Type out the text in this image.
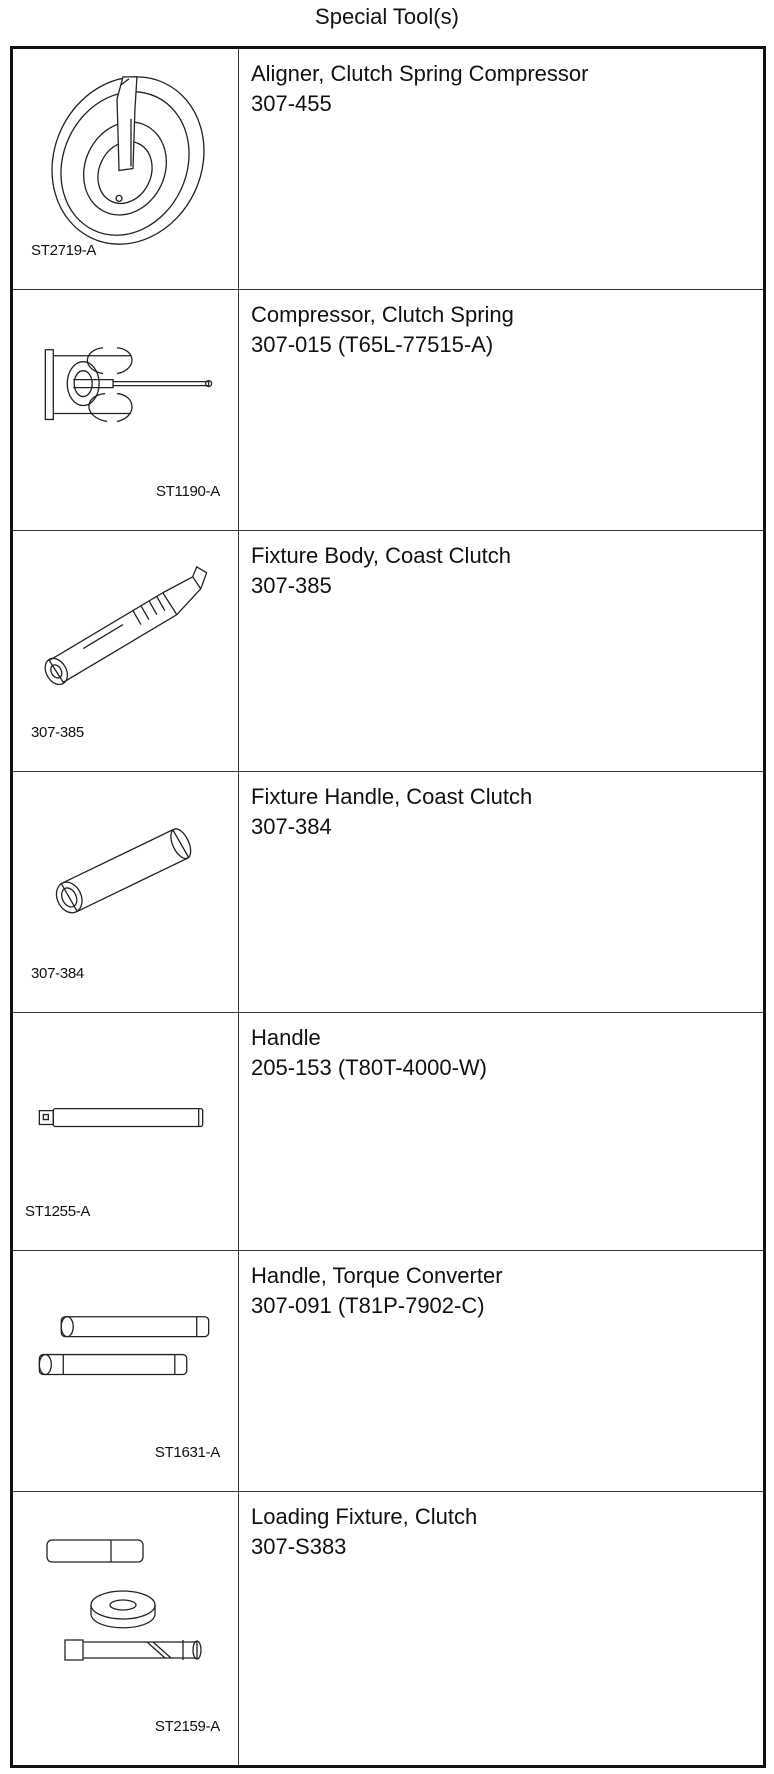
Special Tool(s)
ST2719-A
Aligner, Clutch Spring Compressor
307-455
ST1190-A
Compressor, Clutch Spring
307-015 (T65L-77515-A)
307-385
Fixture Body, Coast Clutch
307-385
307-384
Fixture Handle, Coast Clutch
307-384
ST1255-A
Handle
205-153 (T80T-4000-W)
ST1631-A
Handle, Torque Converter
307-091 (T81P-7902-C)
ST2159-A
Loading Fixture, Clutch
307-S383
